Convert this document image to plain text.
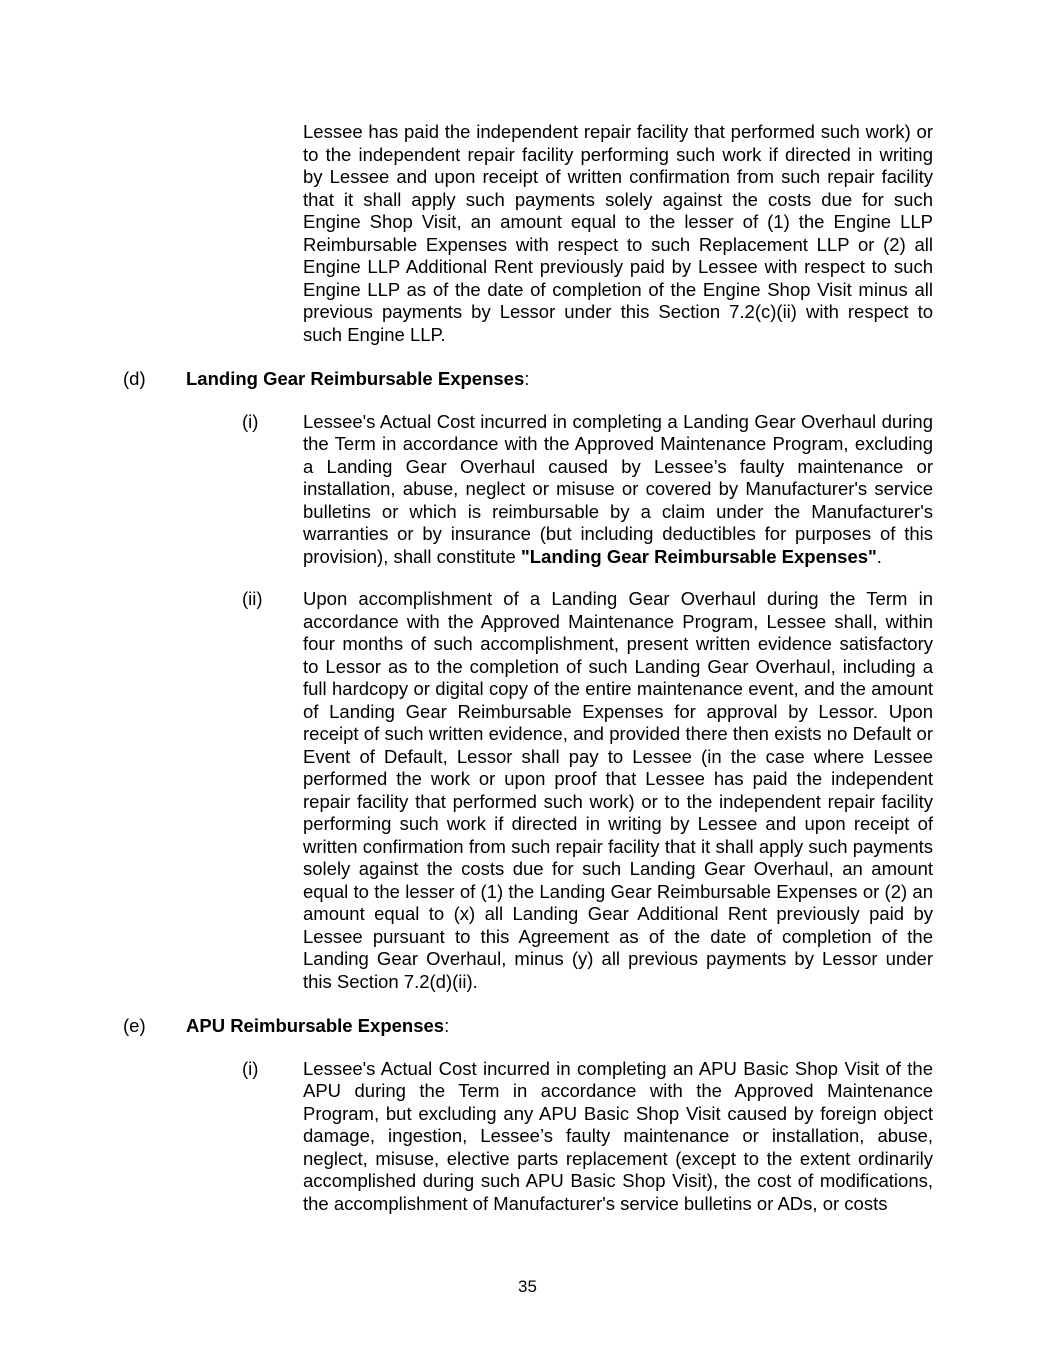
Lessee has paid the independent repair facility that performed such work) or to the independent repair facility performing such work if directed in writing by Lessee and upon receipt of written confirmation from such repair facility that it shall apply such payments solely against the costs due for such Engine Shop Visit, an amount equal to the lesser of (1) the Engine LLP Reimbursable Expenses with respect to such Replacement LLP or (2) all Engine LLP Additional Rent previously paid by Lessee with respect to such Engine LLP as of the date of completion of the Engine Shop Visit minus all previous payments by Lessor under this Section 7.2(c)(ii) with respect to such Engine LLP.

(d)	Landing Gear Reimbursable Expenses:
(i)	Lessee's Actual Cost incurred in completing a Landing Gear Overhaul during the Term in accordance with the Approved Maintenance Program, excluding a Landing Gear Overhaul caused by Lessee’s faulty maintenance or installation, abuse, neglect or misuse or covered by Manufacturer's service bulletins or which is reimbursable by a claim under the Manufacturer's warranties or by insurance (but including deductibles for purposes of this provision), shall constitute "Landing Gear Reimbursable Expenses".

(ii)	Upon accomplishment of a Landing Gear Overhaul during the Term in accordance with the Approved Maintenance Program, Lessee shall, within four months of such accomplishment, present written evidence satisfactory to Lessor as to the completion of such Landing Gear Overhaul, including a full hardcopy or digital copy of the entire maintenance event, and the amount of Landing Gear Reimbursable Expenses for approval by Lessor. Upon receipt of such written evidence, and provided there then exists no Default or Event of Default, Lessor shall pay to Lessee (in the case where Lessee performed the work or upon proof that Lessee has paid the independent repair facility that performed such work) or to the independent repair facility performing such work if directed in writing by Lessee and upon receipt of written confirmation from such repair facility that it shall apply such payments solely against the costs due for such Landing Gear Overhaul, an amount equal to the lesser of (1) the Landing Gear Reimbursable Expenses or (2) an amount equal to (x) all Landing Gear Additional Rent previously paid by Lessee pursuant to this Agreement as of the date of completion of the Landing Gear Overhaul, minus (y) all previous payments by Lessor under this Section 7.2(d)(ii).

(e)	APU Reimbursable Expenses:
(i)	Lessee's Actual Cost incurred in completing an APU Basic Shop Visit of the APU during the Term in accordance with the Approved Maintenance Program, but excluding any APU Basic Shop Visit caused by foreign object damage, ingestion, Lessee’s faulty maintenance or installation, abuse, neglect, misuse, elective parts replacement (except to the extent ordinarily accomplished during such APU Basic Shop Visit), the cost of modifications, the accomplishment of Manufacturer's service bulletins or ADs, or costs

35
